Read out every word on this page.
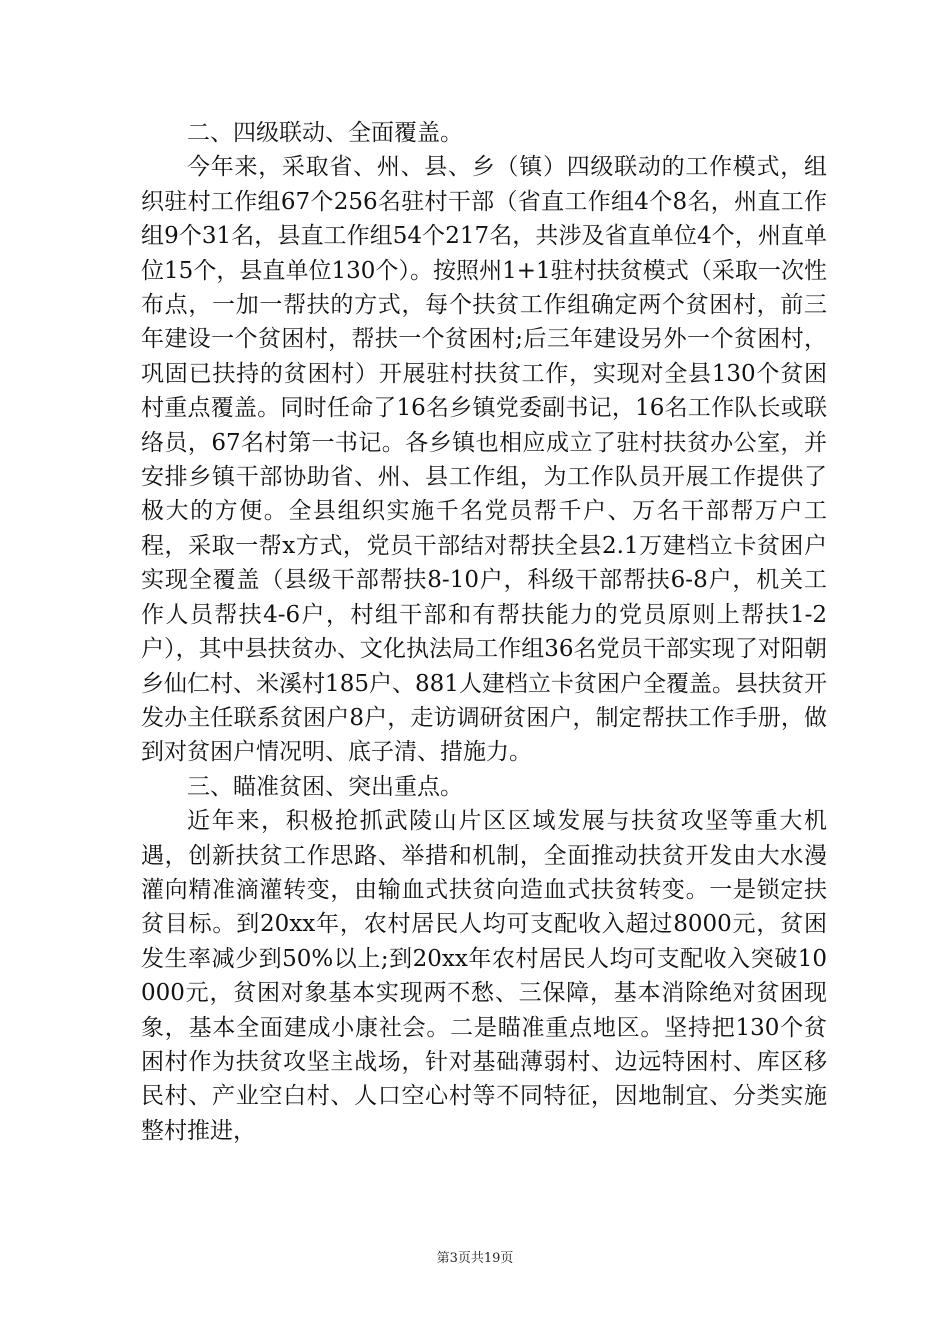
二、四级联动、全面覆盖。

今年来，采取省、州、县、乡（镇）四级联动的工作模式，组织驻村工作组67个256名驻村干部（省直工作组4个8名，州直工作组9个31名，县直工作组54个217名，共涉及省直单位4个，州直单位15个，县直单位130个）。按照州1+1驻村扶贫模式（采取一次性布点，一加一帮扶的方式，每个扶贫工作组确定两个贫困村，前三年建设一个贫困村，帮扶一个贫困村;后三年建设另外一个贫困村，巩固已扶持的贫困村）开展驻村扶贫工作，实现对全县130个贫困村重点覆盖。同时任命了16名乡镇党委副书记，16名工作队长或联络员，67名村第一书记。各乡镇也相应成立了驻村扶贫办公室，并安排乡镇干部协助省、州、县工作组，为工作队员开展工作提供了极大的方便。全县组织实施千名党员帮千户、万名干部帮万户工程，采取一帮x方式，党员干部结对帮扶全县2.1万建档立卡贫困户实现全覆盖（县级干部帮扶8-10户，科级干部帮扶6-8户，机关工作人员帮扶4-6户，村组干部和有帮扶能力的党员原则上帮扶1-2户），其中县扶贫办、文化执法局工作组36名党员干部实现了对阳朝乡仙仁村、米溪村185户、881人建档立卡贫困户全覆盖。县扶贫开发办主任联系贫困户8户，走访调研贫困户，制定帮扶工作手册，做到对贫困户情况明、底子清、措施力。

三、瞄准贫困、突出重点。

近年来，积极抢抓武陵山片区区域发展与扶贫攻坚等重大机遇，创新扶贫工作思路、举措和机制，全面推动扶贫开发由大水漫灌向精准滴灌转变，由输血式扶贫向造血式扶贫转变。一是锁定扶贫目标。到20xx年，农村居民人均可支配收入超过8000元，贫困发生率减少到50%以上;到20xx年农村居民人均可支配收入突破10000元，贫困对象基本实现两不愁、三保障，基本消除绝对贫困现象，基本全面建成小康社会。二是瞄准重点地区。坚持把130个贫困村作为扶贫攻坚主战场，针对基础薄弱村、边远特困村、库区移民村、产业空白村、人口空心村等不同特征，因地制宜、分类实施整村推进，

第3页共19页
